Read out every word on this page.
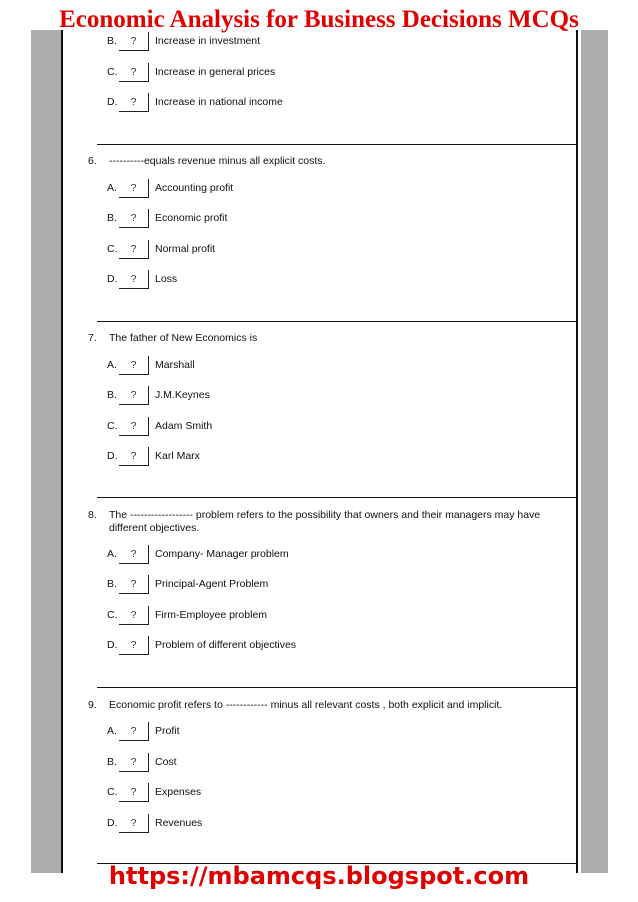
Economic Analysis for Business Decisions MCQs
B.	?	Increase in investment
C.	?	Increase in general prices
D.	?	Increase in national income
6. ----------equals revenue minus all explicit costs.
A.	?	Accounting profit
B.	?	Economic profit
C.	?	Normal profit
D.	?	Loss
7. The father of New Economics is
A.	?	Marshall
B.	?	J.M.Keynes
C.	?	Adam Smith
D.	?	Karl Marx
8. The ------------------ problem refers to the possibility that owners and their managers may have different objectives.
A.	?	Company- Manager problem
B.	?	Principal-Agent Problem
C.	?	Firm-Employee problem
D.	?	Problem of different objectives
9. Economic profit refers to ------------ minus all relevant costs , both explicit and implicit.
A.	?	Profit
B.	?	Cost
C.	?	Expenses
D.	?	Revenues
https://mbamcqs.blogspot.com
